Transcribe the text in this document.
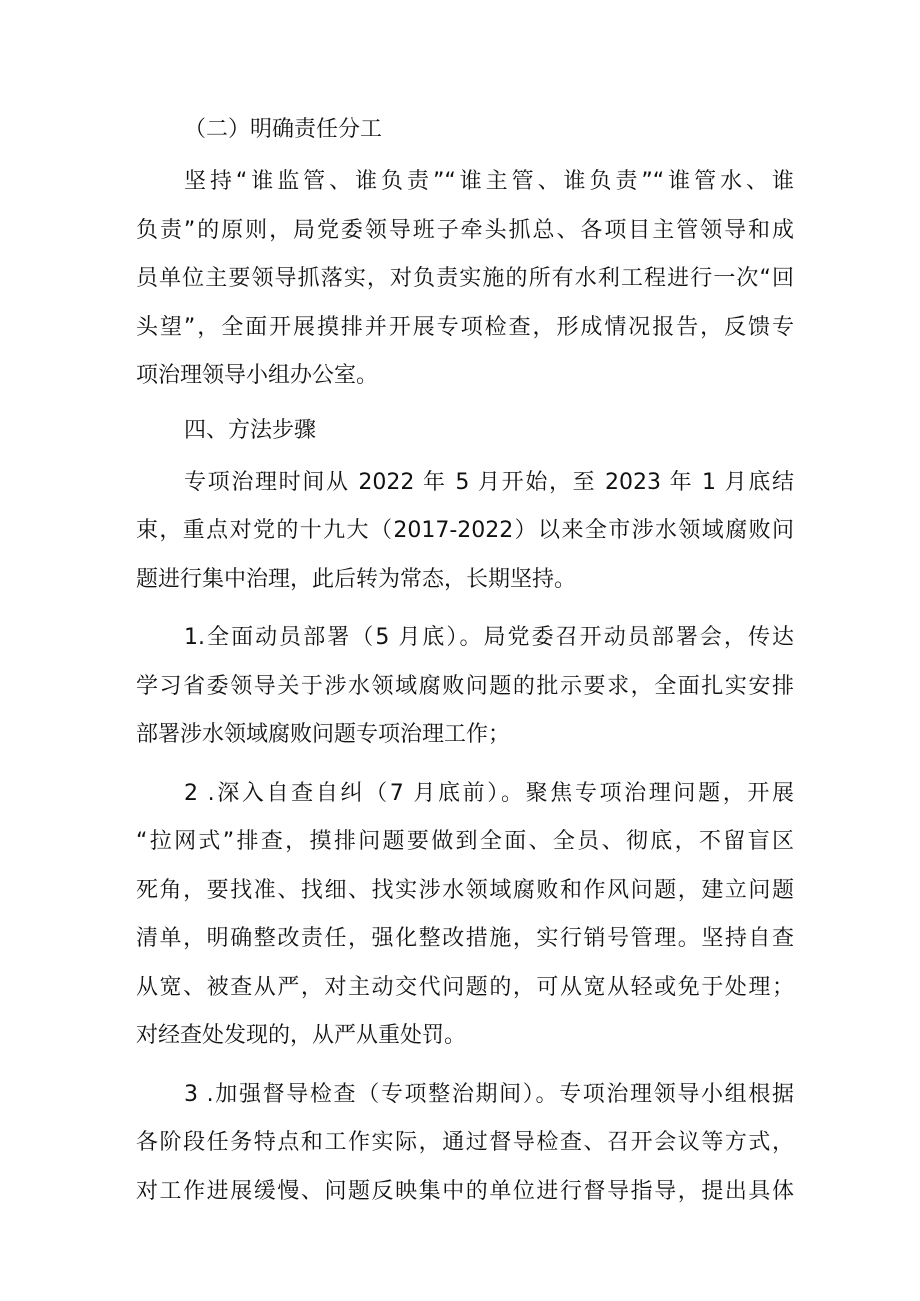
（二）明确责任分工

坚持“谁监管、谁负责”“谁主管、谁负责”“谁管水、谁
负责”的原则，局党委领导班子牵头抓总、各项目主管领导和成
员单位主要领导抓落实，对负责实施的所有水利工程进行一次“回
头望”，全面开展摸排并开展专项检查，形成情况报告，反馈专
项治理领导小组办公室。

四、方法步骤

专项治理时间从 2022 年 5 月开始，至 2023 年 1 月底结
束，重点对党的十九大（2017-2022）以来全市涉水领域腐败问
题进行集中治理，此后转为常态，长期坚持。

1.全面动员部署（5 月底）。局党委召开动员部署会，传达
学习省委领导关于涉水领域腐败问题的批示要求，全面扎实安排
部署涉水领域腐败问题专项治理工作；

2 .深入自查自纠（7 月底前）。聚焦专项治理问题，开展
“拉网式”排查，摸排问题要做到全面、全员、彻底，不留盲区
死角，要找准、找细、找实涉水领域腐败和作风问题，建立问题
清单，明确整改责任，强化整改措施，实行销号管理。坚持自查
从宽、被查从严，对主动交代问题的，可从宽从轻或免于处理；
对经查处发现的，从严从重处罚。

3 .加强督导检查（专项整治期间）。专项治理领导小组根据
各阶段任务特点和工作实际，通过督导检查、召开会议等方式，
对工作进展缓慢、问题反映集中的单位进行督导指导，提出具体
